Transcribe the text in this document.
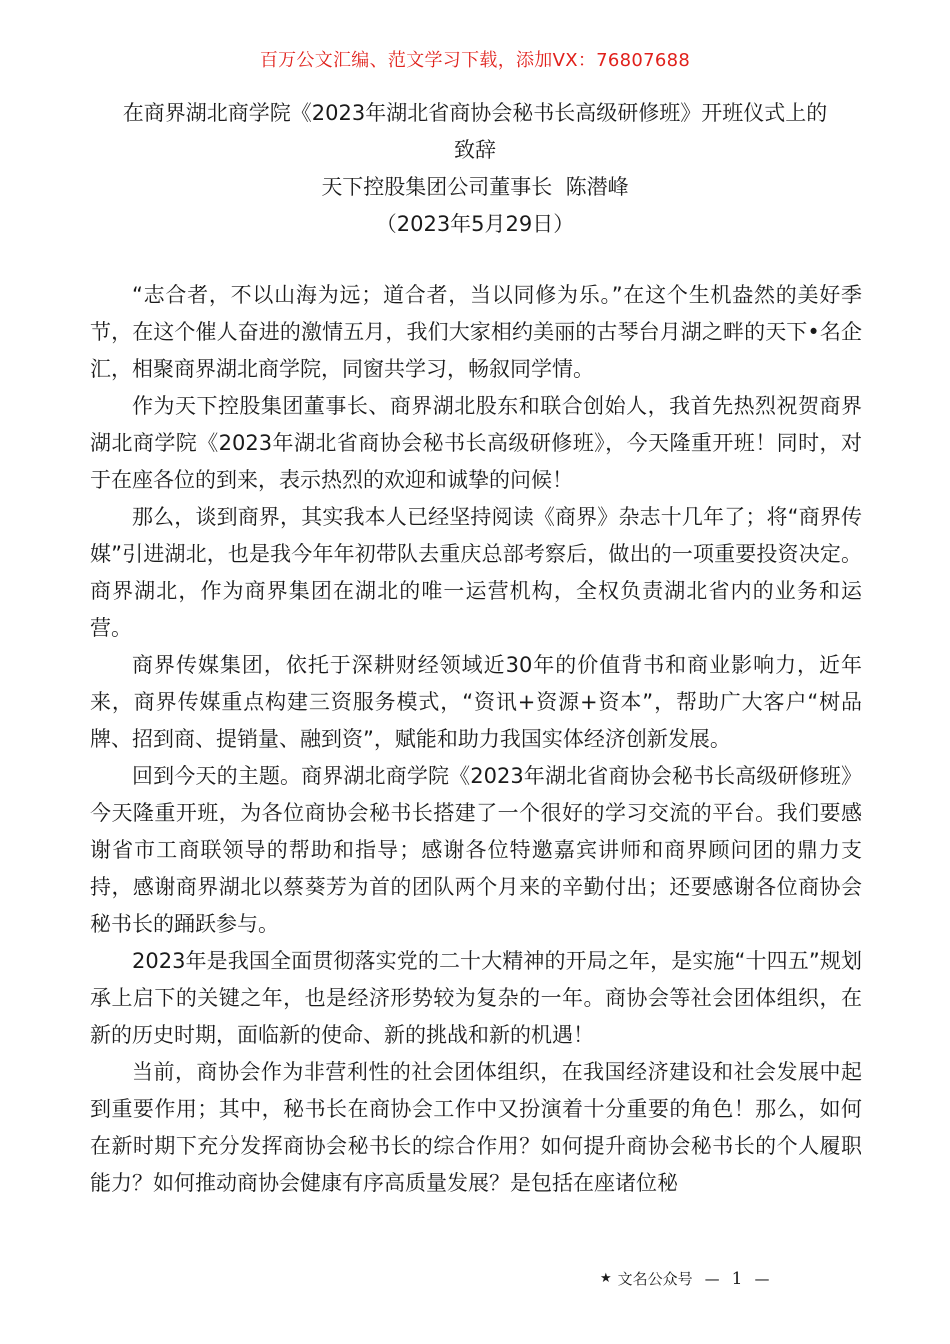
百万公文汇编、范文学习下载，添加VX：76807688
在商界湖北商学院《2023年湖北省商协会秘书长高级研修班》开班仪式上的
致辞
天下控股集团公司董事长  陈潜峰
（2023年5月29日）

“志合者，不以山海为远；道合者，当以同修为乐。”在这个生机盎然的美好季节，在这个催人奋进的激情五月，我们大家相约美丽的古琴台月湖之畔的天下•名企汇，相聚商界湖北商学院，同窗共学习，畅叙同学情。

作为天下控股集团董事长、商界湖北股东和联合创始人，我首先热烈祝贺商界湖北商学院《2023年湖北省商协会秘书长高级研修班》，今天隆重开班！同时，对于在座各位的到来，表示热烈的欢迎和诚挚的问候！

那么，谈到商界，其实我本人已经坚持阅读《商界》杂志十几年了；将“商界传媒”引进湖北，也是我今年年初带队去重庆总部考察后，做出的一项重要投资决定。商界湖北，作为商界集团在湖北的唯一运营机构，全权负责湖北省内的业务和运营。

商界传媒集团，依托于深耕财经领域近30年的价值背书和商业影响力，近年来，商界传媒重点构建三资服务模式，“资讯+资源+资本”，帮助广大客户“树品牌、招到商、提销量、融到资”，赋能和助力我国实体经济创新发展。

回到今天的主题。商界湖北商学院《2023年湖北省商协会秘书长高级研修班》今天隆重开班，为各位商协会秘书长搭建了一个很好的学习交流的平台。我们要感谢省市工商联领导的帮助和指导；感谢各位特邀嘉宾讲师和商界顾问团的鼎力支持，感谢商界湖北以蔡葵芳为首的团队两个月来的辛勤付出；还要感谢各位商协会秘书长的踊跃参与。

2023年是我国全面贯彻落实党的二十大精神的开局之年，是实施“十四五”规划承上启下的关键之年，也是经济形势较为复杂的一年。商协会等社会团体组织，在新的历史时期，面临新的使命、新的挑战和新的机遇！

当前，商协会作为非营利性的社会团体组织，在我国经济建设和社会发展中起到重要作用；其中，秘书长在商协会工作中又扮演着十分重要的角色！那么，如何在新时期下充分发挥商协会秘书长的综合作用？如何提升商协会秘书长的个人履职能力？如何推动商协会健康有序高质量发展？是包括在座诸位秘

★ 文名公众号 — 1 —
